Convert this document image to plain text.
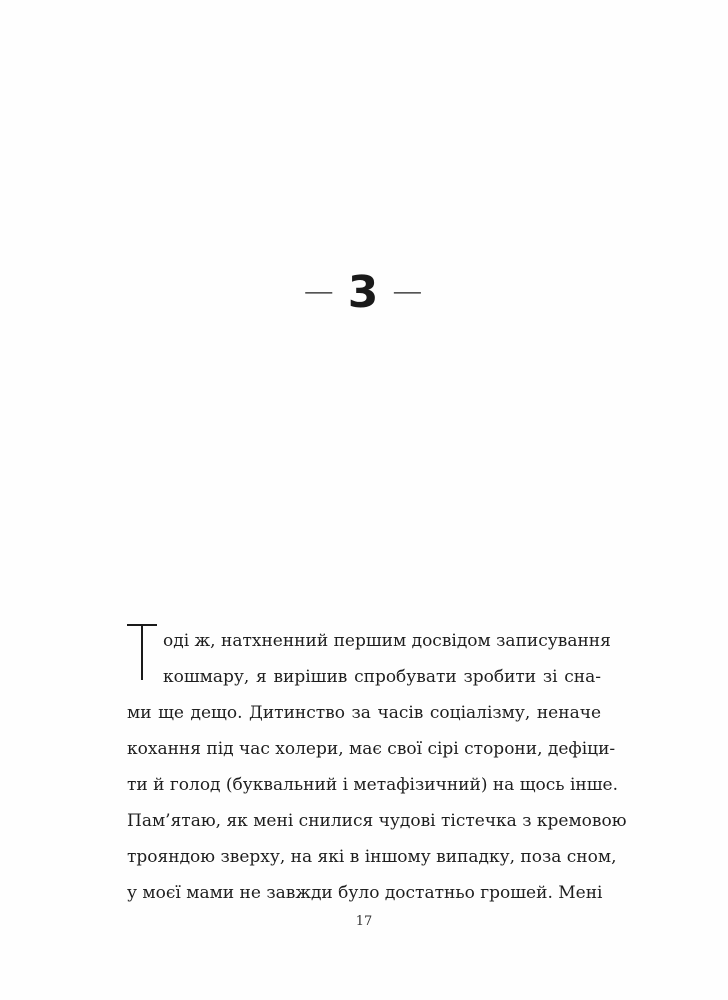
— 3 —
оді ж, натхненний першим досвідом записування
кошмару, я вирішив спробувати зробити зі сна-
ми ще дещо. Дитинство за часів соціалізму, неначе
кохання під час холери, має свої сірі сторони, дефіци-
ти й голод (буквальний і метафізичний) на щось інше.
Пам’ятаю, як мені снилися чудові тістечка з кремовою
трояндою зверху, на які в іншому випадку, поза сном,
у моєї мами не завжди було достатньо грошей. Мені
17
